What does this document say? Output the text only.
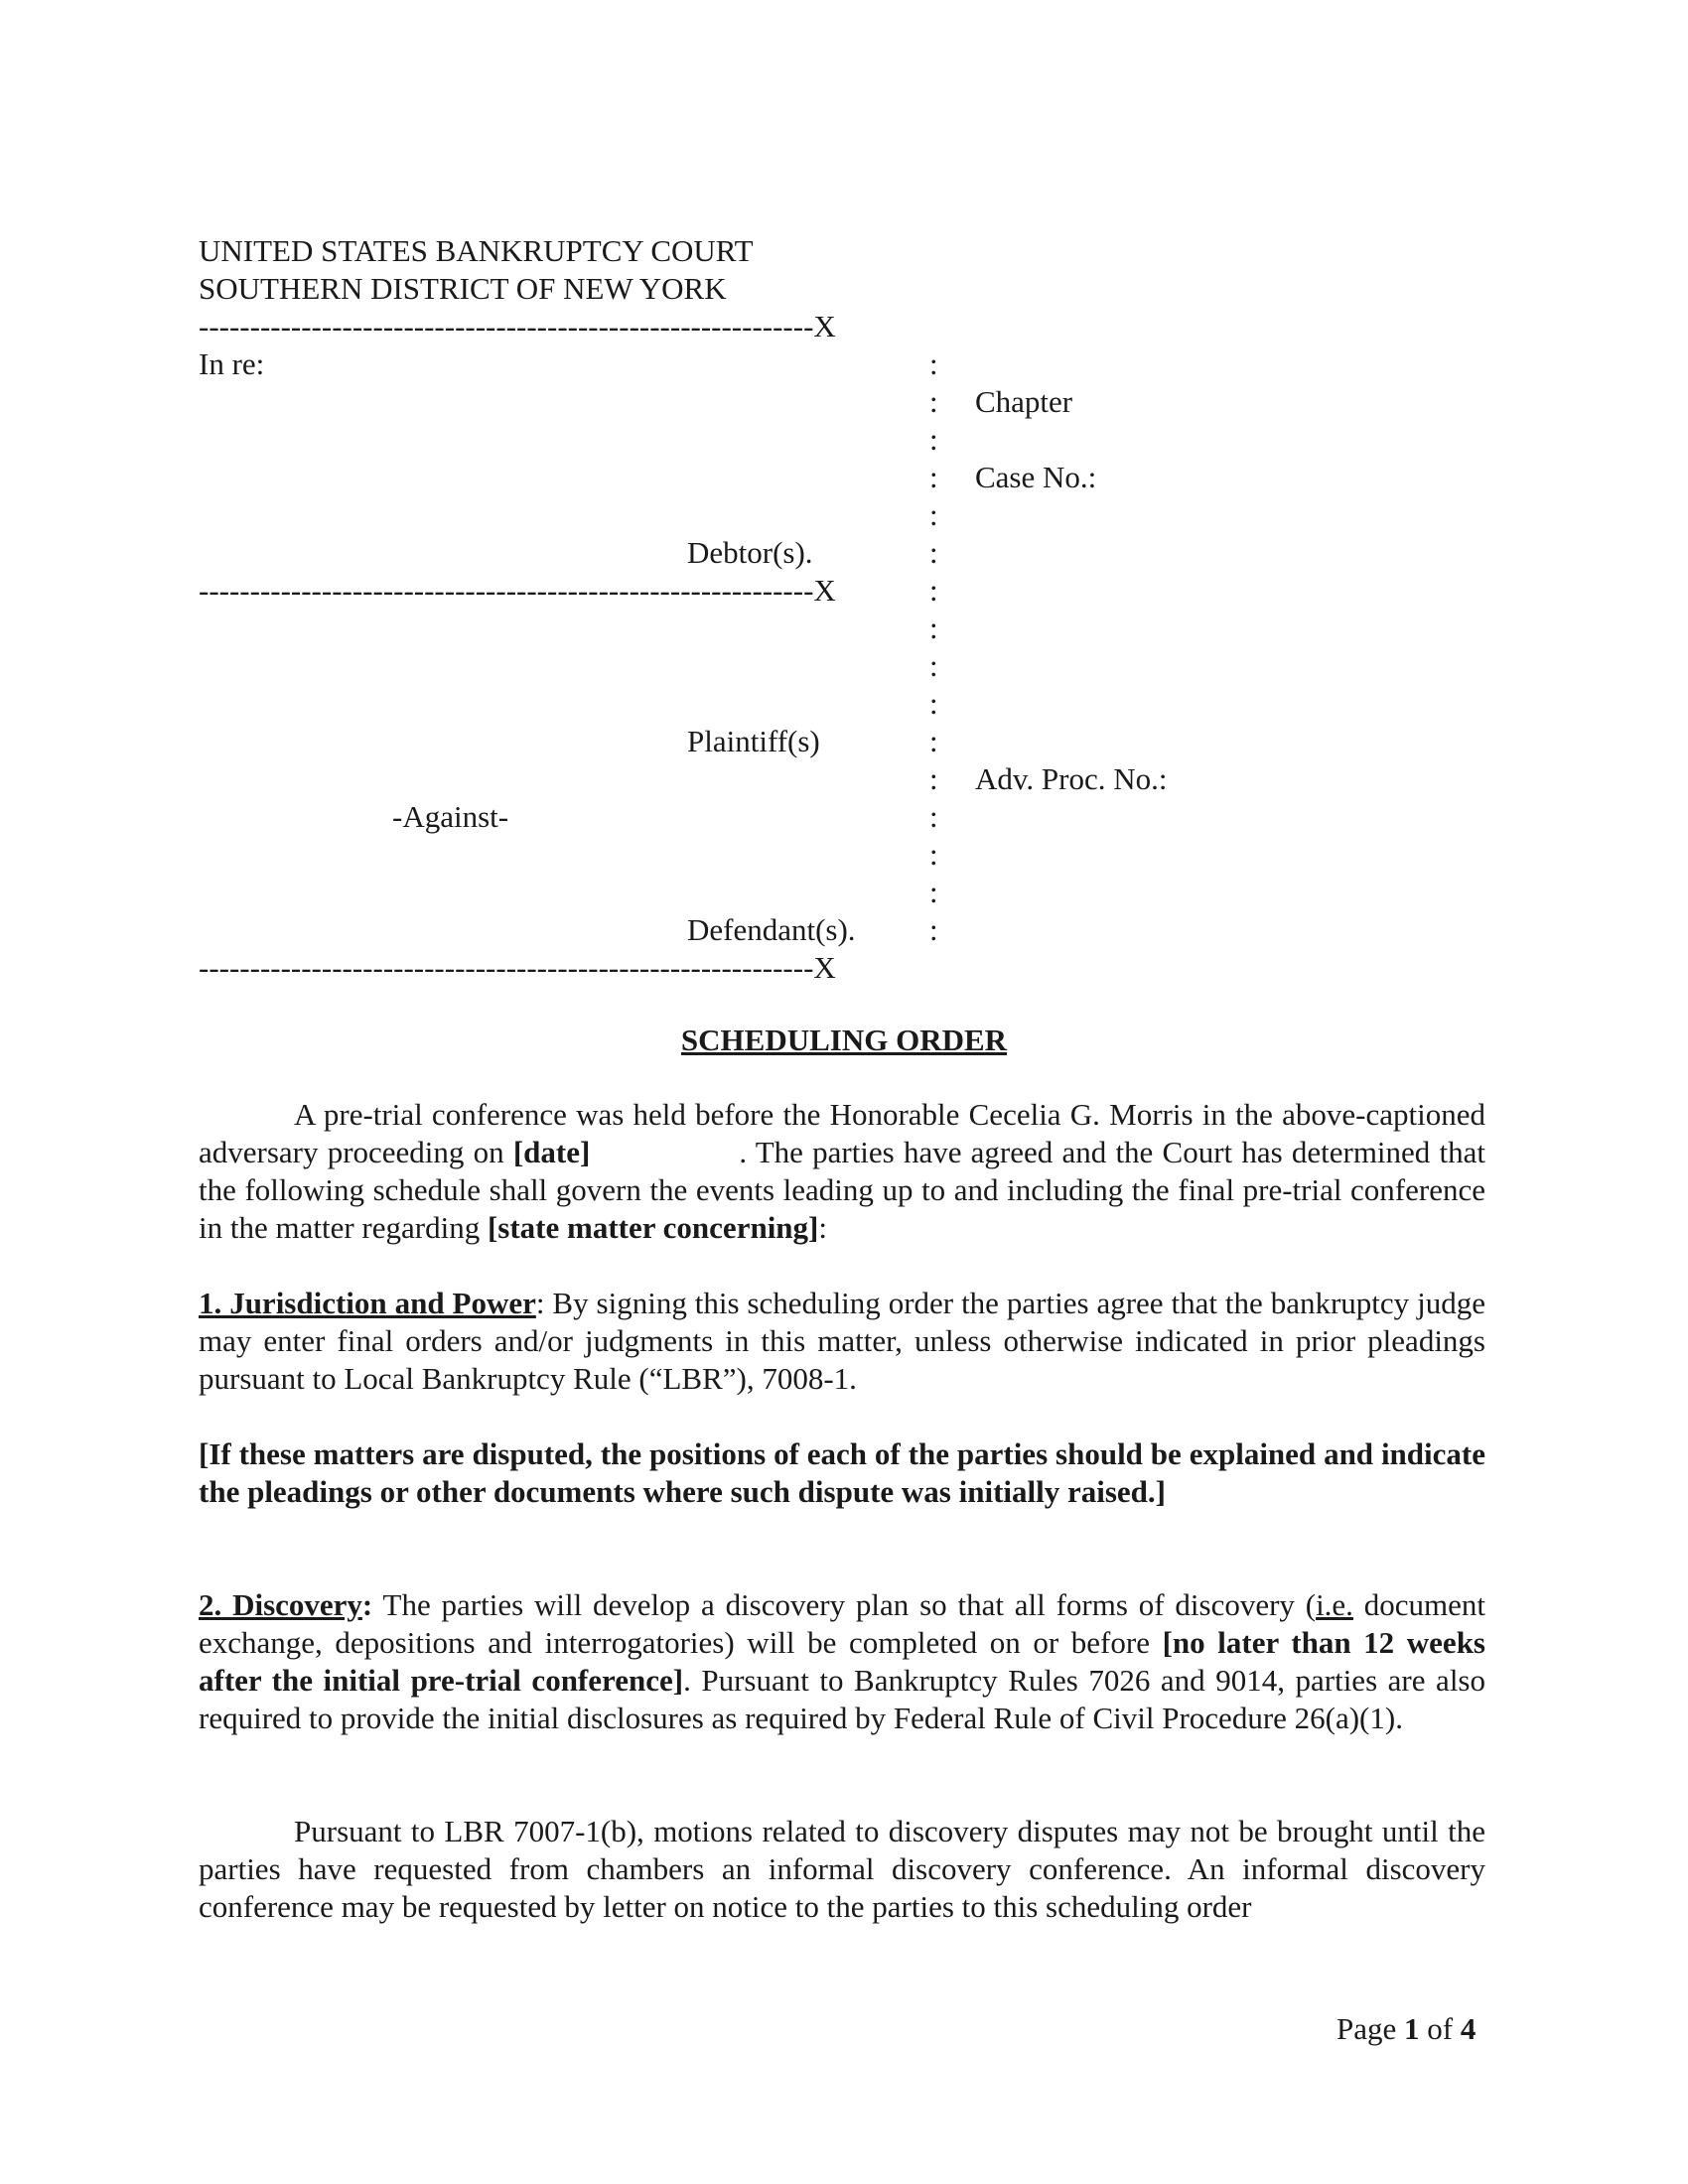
UNITED STATES BANKRUPTCY COURT
SOUTHERN DISTRICT OF NEW YORK
------------------------------------------------------------X
In re:	:
:
:
:
:
:
:
:
:
:
:
:
:
:
:
:
Chapter
Case No.:
Debtor(s).
------------------------------------------------------------X
Plaintiff(s)
Adv. Proc. No.:
-Against-
Defendant(s).
------------------------------------------------------------X
SCHEDULING ORDER
A pre-trial conference was held before the Honorable Cecelia G. Morris in the above-captioned adversary proceeding on [date]	. The parties have agreed and the Court has determined that the following schedule shall govern the events leading up to and including the final pre-trial conference in the matter regarding [state matter concerning]:
1. Jurisdiction and Power: By signing this scheduling order the parties agree that the bankruptcy judge may enter final orders and/or judgments in this matter, unless otherwise indicated in prior pleadings pursuant to Local Bankruptcy Rule (“LBR”), 7008-1.
[If these matters are disputed, the positions of each of the parties should be explained and indicate the pleadings or other documents where such dispute was initially raised.]
2. Discovery: The parties will develop a discovery plan so that all forms of discovery (i.e. document exchange, depositions and interrogatories) will be completed on or before [no later than 12 weeks after the initial pre-trial conference]. Pursuant to Bankruptcy Rules 7026 and 9014, parties are also required to provide the initial disclosures as required by Federal Rule of Civil Procedure 26(a)(1).
Pursuant to LBR 7007-1(b), motions related to discovery disputes may not be brought until the parties have requested from chambers an informal discovery conference. An informal discovery conference may be requested by letter on notice to the parties to this scheduling order
Page 1 of 4
